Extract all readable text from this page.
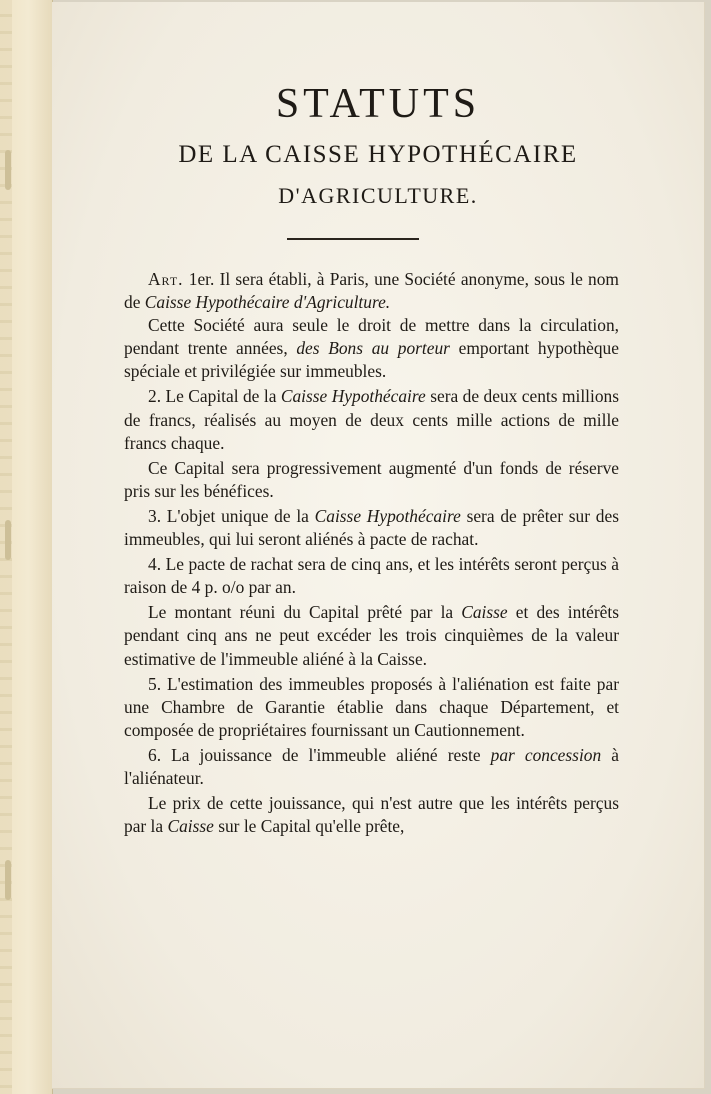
STATUTS
DE LA CAISSE HYPOTHÉCAIRE
D'AGRICULTURE.

Art. 1er. Il sera établi, à Paris, une Société anonyme, sous le nom de Caisse Hypothécaire d'Agriculture.

Cette Société aura seule le droit de mettre dans la circulation, pendant trente années, des Bons au porteur emportant hypothèque spéciale et privilégiée sur immeubles.

2. Le Capital de la Caisse Hypothécaire sera de deux cents millions de francs, réalisés au moyen de deux cents mille actions de mille francs chaque.

Ce Capital sera progressivement augmenté d'un fonds de réserve pris sur les bénéfices.

3. L'objet unique de la Caisse Hypothécaire sera de prêter sur des immeubles, qui lui seront aliénés à pacte de rachat.

4. Le pacte de rachat sera de cinq ans, et les intérêts seront perçus à raison de 4 p. o/o par an.

Le montant réuni du Capital prêté par la Caisse et des intérêts pendant cinq ans ne peut excéder les trois cinquièmes de la valeur estimative de l'immeuble aliéné à la Caisse.

5. L'estimation des immeubles proposés à l'aliénation est faite par une Chambre de Garantie établie dans chaque Département, et composée de propriétaires fournissant un Cautionnement.

6. La jouissance de l'immeuble aliéné reste par concession à l'aliénateur.

Le prix de cette jouissance, qui n'est autre que les intérêts perçus par la Caisse sur le Capital qu'elle prête,
